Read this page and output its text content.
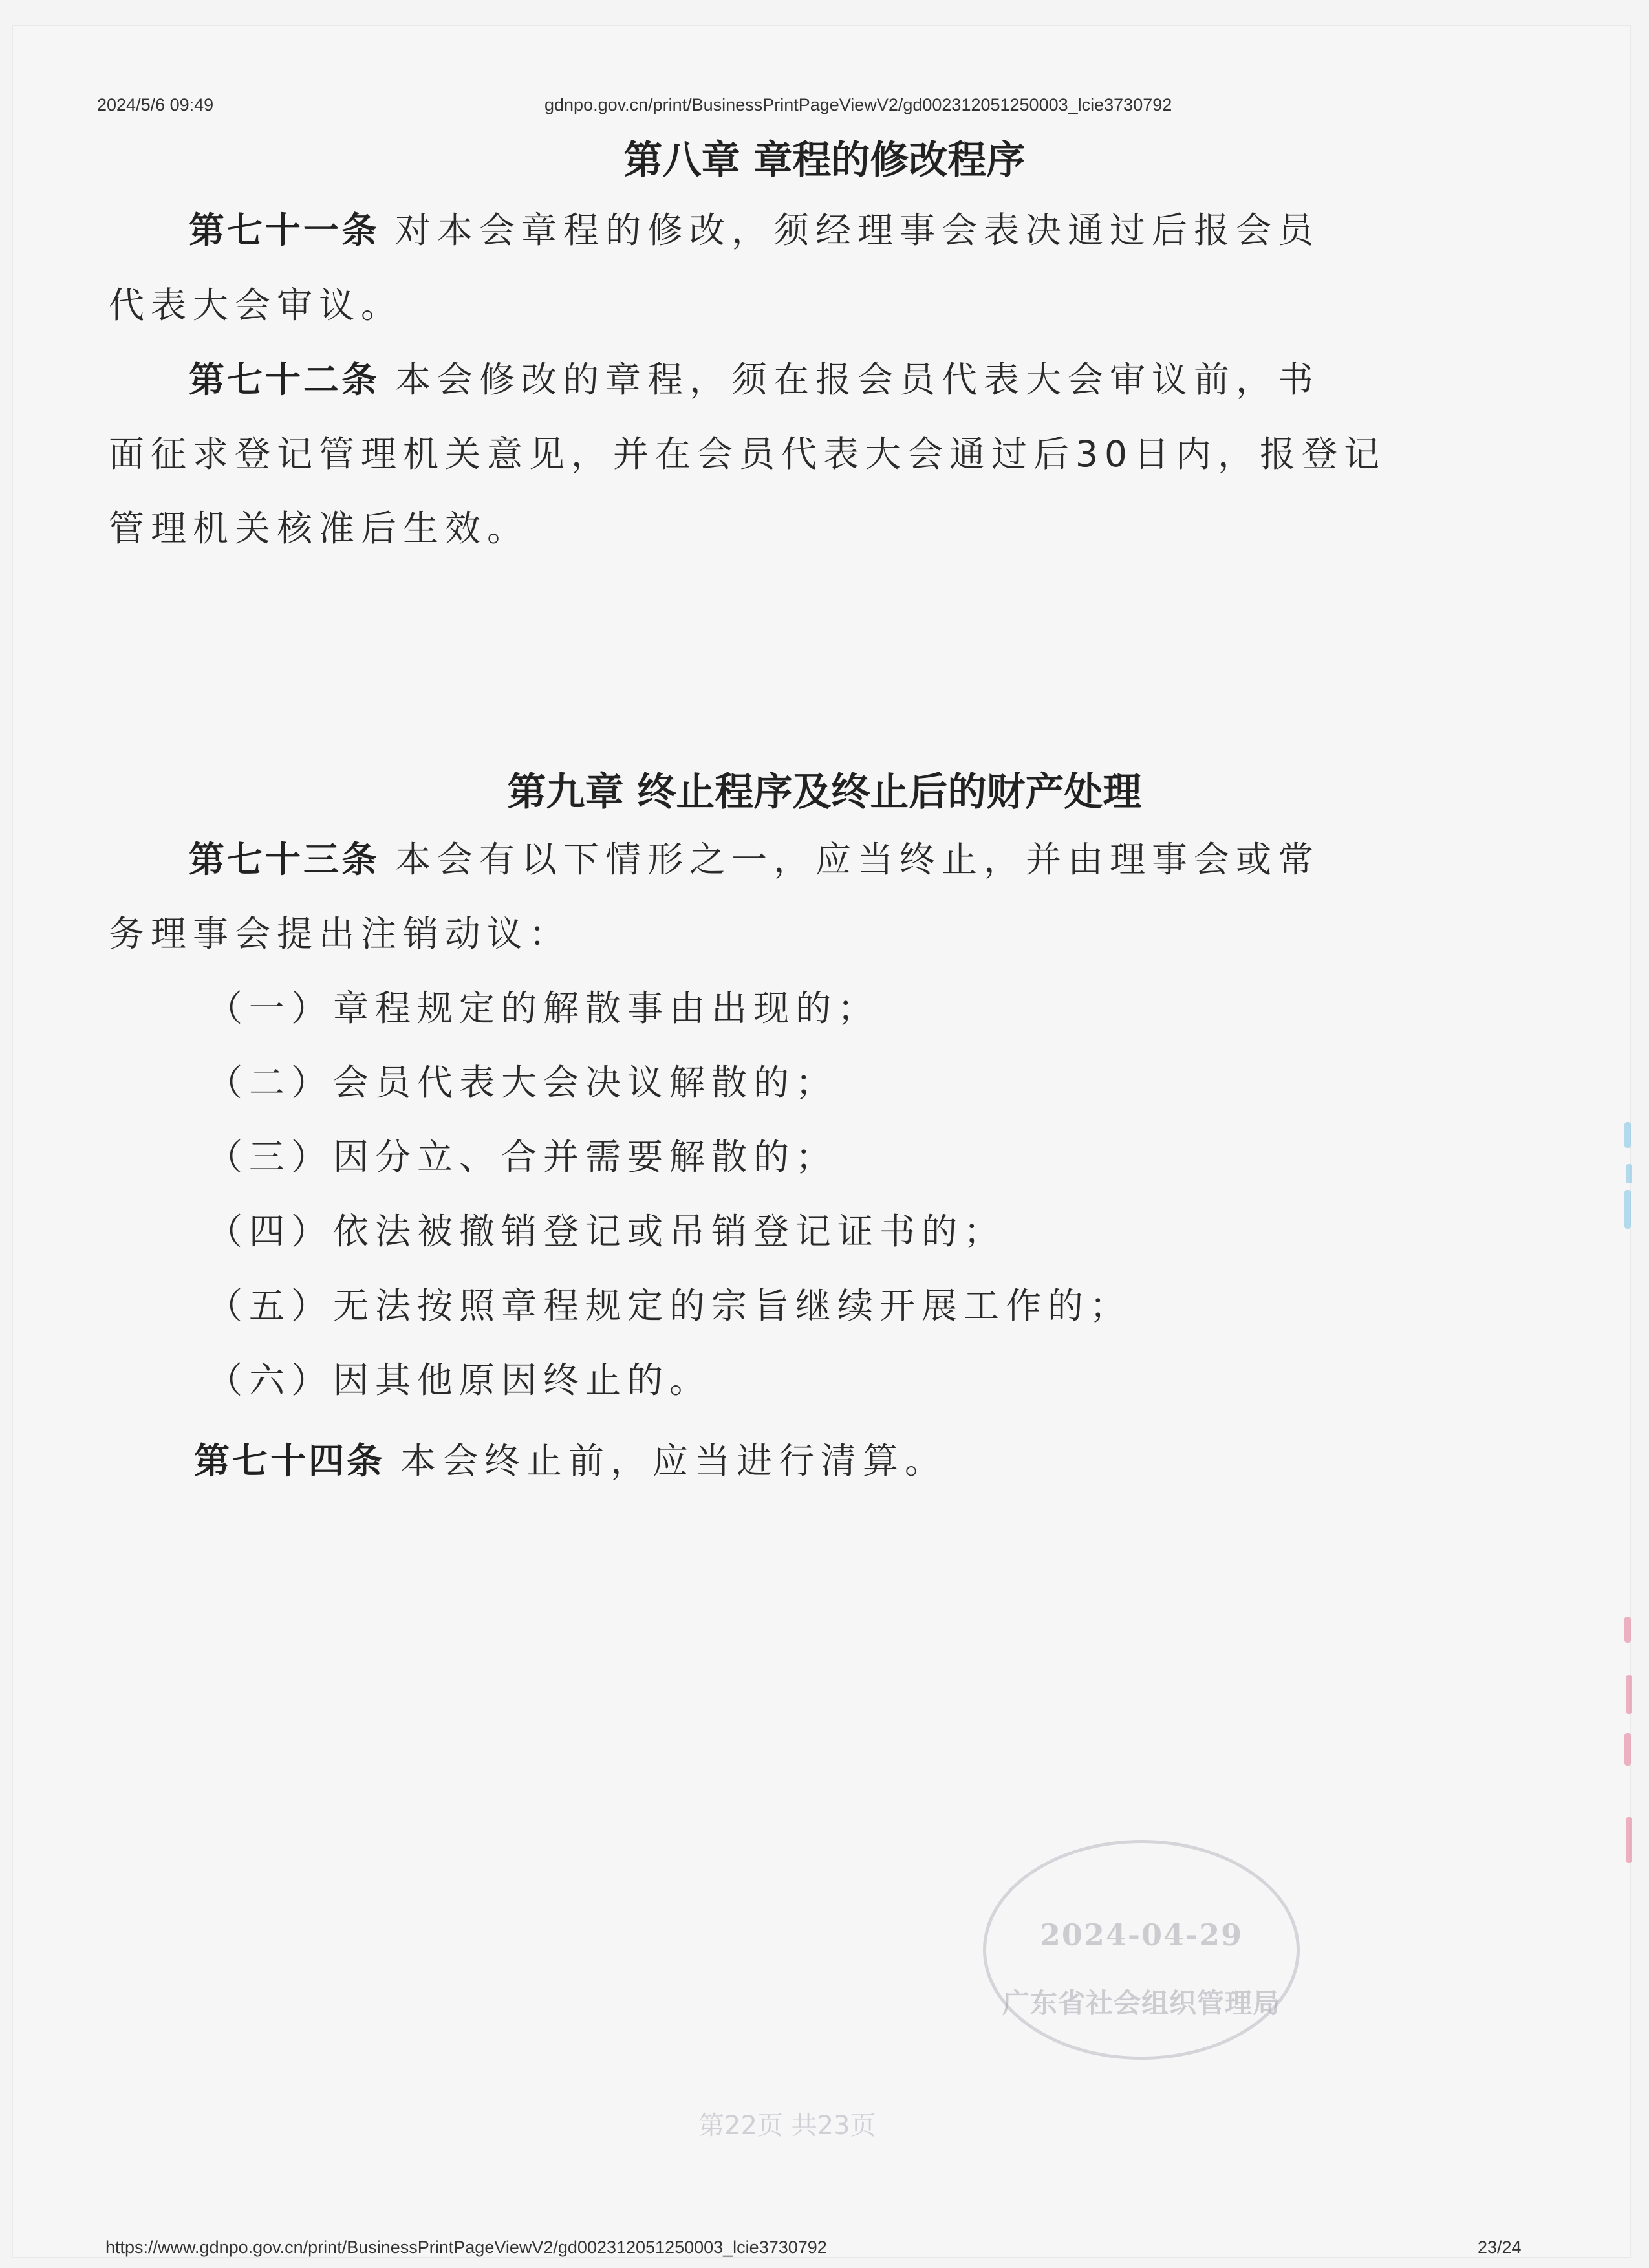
2024/5/6 09:49	gdnpo.gov.cn/print/BusinessPrintPageViewV2/gd002312051250003_lcie3730792
第八章 章程的修改程序
第七十一条 对本会章程的修改，须经理事会表决通过后报会员
代表大会审议。
第七十二条 本会修改的章程，须在报会员代表大会审议前，书
面征求登记管理机关意见，并在会员代表大会通过后30日内，报登记
管理机关核准后生效。
第九章 终止程序及终止后的财产处理
第七十三条 本会有以下情形之一，应当终止，并由理事会或常
务理事会提出注销动议：
（一）章程规定的解散事由出现的；
（二）会员代表大会决议解散的；
（三）因分立、合并需要解散的；
（四）依法被撤销登记或吊销登记证书的；
（五）无法按照章程规定的宗旨继续开展工作的；
（六）因其他原因终止的。
第七十四条 本会终止前，应当进行清算。
2024-04-29
广东省社会组织管理局
第22页 共23页
https://www.gdnpo.gov.cn/print/BusinessPrintPageViewV2/gd002312051250003_lcie3730792	23/24
